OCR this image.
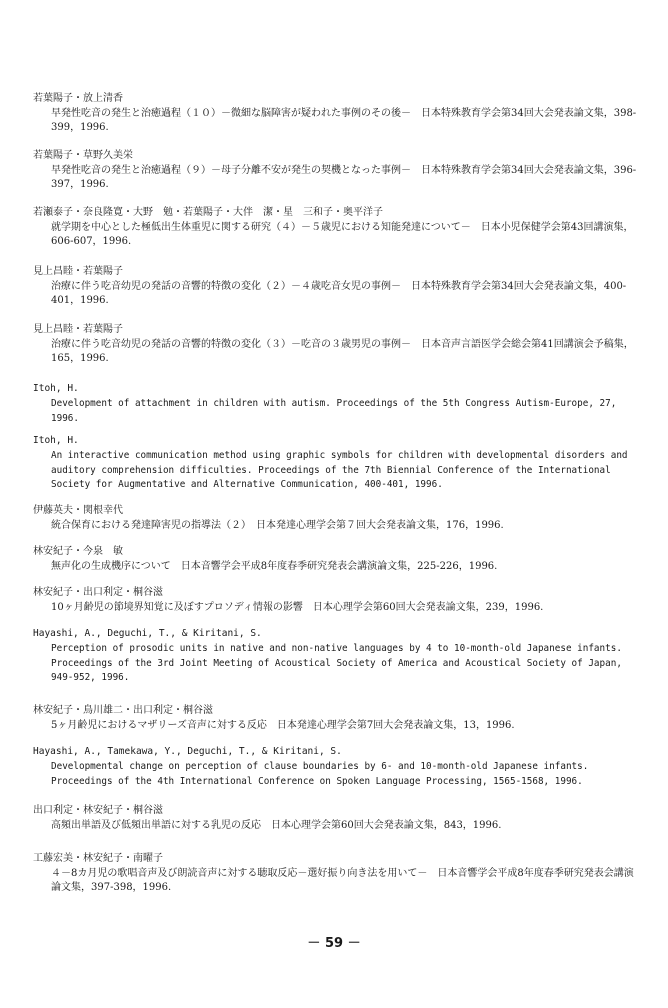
若葉陽子・放上清香
早発性吃音の発生と治癒過程（１０）－微細な脳障害が疑われた事例のその後－　日本特殊教育学会第34回大会発表論文集，398-399，1996.
若葉陽子・草野久美栄
早発性吃音の発生と治癒過程（９）－母子分離不安が発生の契機となった事例－　日本特殊教育学会第34回大会発表論文集，396-397，1996.
若瀬泰子・奈良隆寛・大野　勉・若葉陽子・大伴　潔・星　三和子・奥平洋子
就学期を中心とした極低出生体重児に関する研究（４）－５歳児における知能発達について－　日本小児保健学会第43回講演集，606-607，1996.
見上昌睦・若葉陽子
治療に伴う吃音幼児の発話の音響的特徴の変化（２）－４歳吃音女児の事例－　日本特殊教育学会第34回大会発表論文集，400-401，1996.
見上昌睦・若葉陽子
治療に伴う吃音幼児の発話の音響的特徴の変化（３）－吃音の３歳男児の事例－　日本音声言語医学会総会第41回講演会予稿集，165，1996.
Itoh, H.
Development of attachment in children with autism. Proceedings of the 5th Congress Autism-Europe, 27, 1996.
Itoh, H.
An interactive communication method using graphic symbols for children with developmental disorders and auditory comprehension difficulties. Proceedings of the 7th Biennial Conference of the International Society for Augmentative and Alternative Communication, 400-401, 1996.
伊藤英夫・関根幸代
統合保育における発達障害児の指導法（２）　日本発達心理学会第７回大会発表論文集，176，1996.
林安紀子・今泉　敏
無声化の生成機序について　日本音響学会平成8年度春季研究発表会講演論文集，225-226，1996.
林安紀子・出口利定・桐谷滋
10ヶ月齢児の節境界知覚に及ぼすプロソディ情報の影響　日本心理学会第60回大会発表論文集，239，1996.
Hayashi, A., Deguchi, T., & Kiritani, S.
Perception of prosodic units in native and non-native languages by 4 to 10-month-old Japanese infants. Proceedings of the 3rd Joint Meeting of Acoustical Society of America and Acoustical Society of Japan, 949-952, 1996.
林安紀子・鳥川雄二・出口利定・桐谷滋
5ヶ月齢児におけるマザリーズ音声に対する反応　日本発達心理学会第7回大会発表論文集，13，1996.
Hayashi, A., Tamekawa, Y., Deguchi, T., & Kiritani, S.
Developmental change on perception of clause boundaries by 6- and 10-month-old Japanese infants. Proceedings of the 4th International Conference on Spoken Language Processing, 1565-1568, 1996.
出口利定・林安紀子・桐谷滋
高頻出単語及び低頻出単語に対する乳児の反応　日本心理学会第60回大会発表論文集，843，1996.
工藤宏美・林安紀子・南曜子
４－8カ月児の歌唱音声及び朗読音声に対する聴取反応－選好振り向き法を用いて－　日本音響学会平成8年度春季研究発表会講演論文集，397-398，1996.
－ 59 －
